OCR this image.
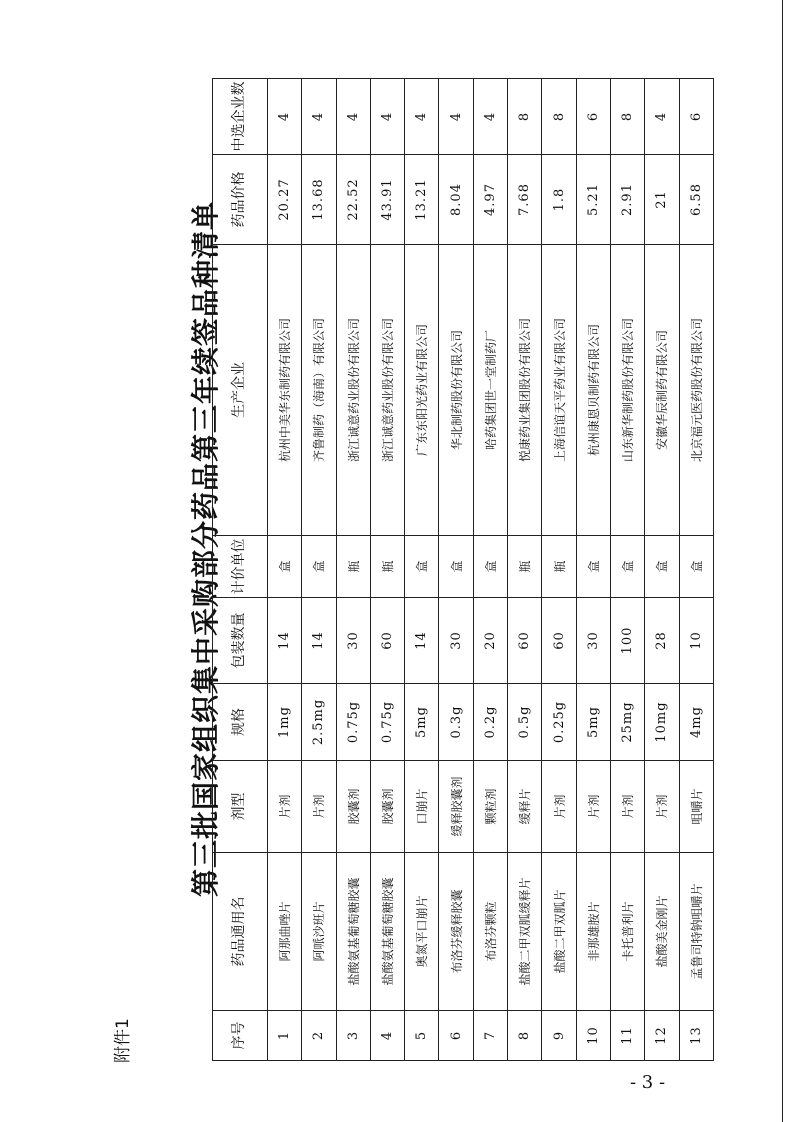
附件1
第三批国家组织集中采购部分药品第三年续签品种清单
序号	药品通用名	剂型	规格	包装数量	计价单位	生产企业	药品价格	中选企业数
1	阿那曲唑片	片剂	1mg	14	盒	杭州中美华东制药有限公司	20.27	4
2	阿哌沙班片	片剂	2.5mg	14	盒	齐鲁制药（海南）有限公司	13.68	4
3	盐酸氨基葡萄糖胶囊	胶囊剂	0.75g	30	瓶	浙江诚意药业股份有限公司	22.52	4
4	盐酸氨基葡萄糖胶囊	胶囊剂	0.75g	60	瓶	浙江诚意药业股份有限公司	43.91	4
5	奥氮平口崩片	口崩片	5mg	14	盒	广东东阳光药业有限公司	13.21	4
6	布洛芬缓释胶囊	缓释胶囊剂	0.3g	30	盒	华北制药股份有限公司	8.04	4
7	布洛芬颗粒	颗粒剂	0.2g	20	盒	哈药集团世一堂制药厂	4.97	4
8	盐酸二甲双胍缓释片	缓释片	0.5g	60	瓶	悦康药业集团股份有限公司	7.68	8
9	盐酸二甲双胍片	片剂	0.25g	60	瓶	上海信谊天平药业有限公司	1.8	8
10	非那雄胺片	片剂	5mg	30	盒	杭州康恩贝制药有限公司	5.21	6
11	卡托普利片	片剂	25mg	100	盒	山东新华制药股份有限公司	2.91	8
12	盐酸美金刚片	片剂	10mg	28	盒	安徽华辰制药有限公司	21	4
13	孟鲁司特钠咀嚼片	咀嚼片	4mg	10	盒	北京福元医药股份有限公司	6.58	6
- 3 -
